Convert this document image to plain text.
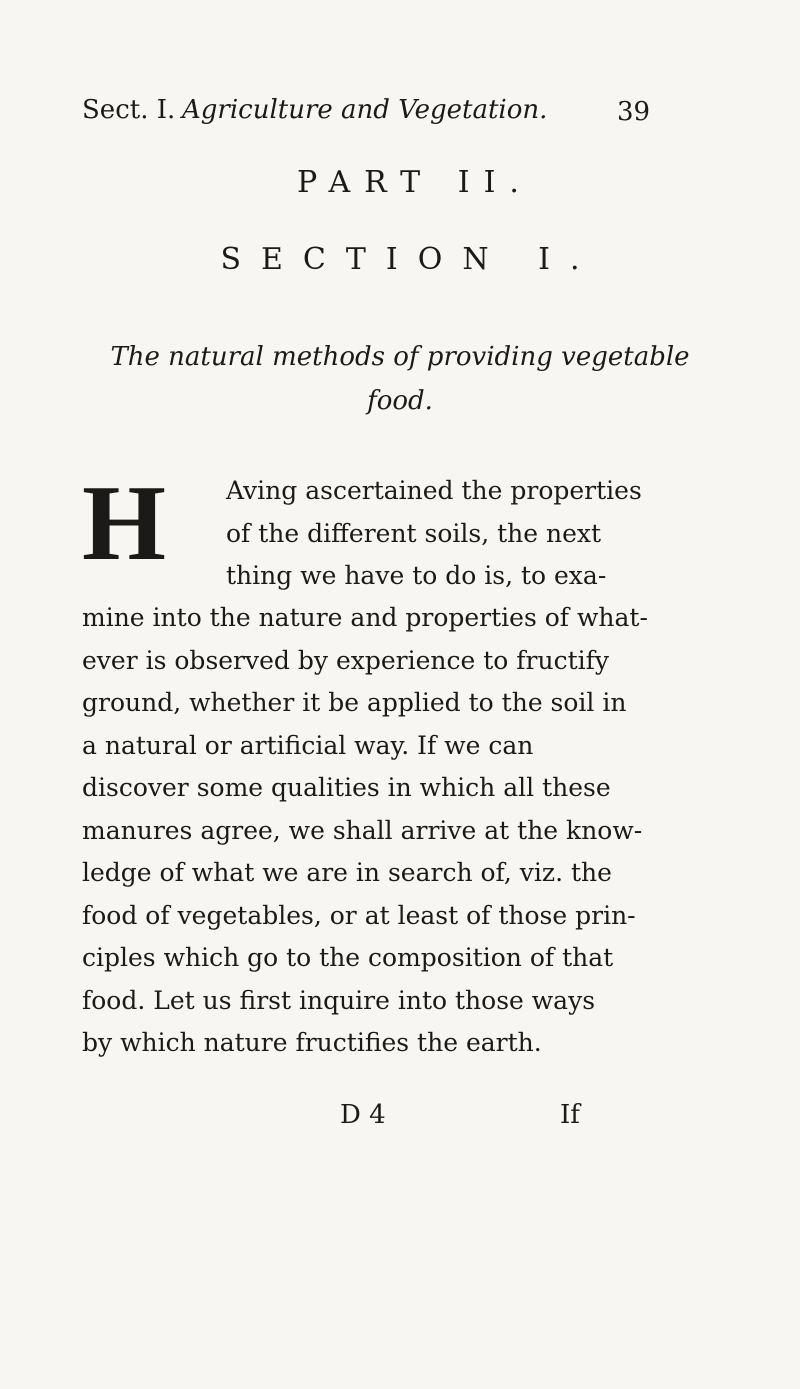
Sect. I. Agriculture and Vegetation.	39
PART II.
SECTION I.
The natural methods of providing vegetable food.
H Aving ascertained the properties
of the different soils, the next
thing we have to do is, to exa-
mine into the nature and properties of what-
ever is observed by experience to fructify
ground, whether it be applied to the soil in
a natural or artificial way. If we can
discover some qualities in which all these
manures agree, we shall arrive at the know-
ledge of what we are in search of, viz. the
food of vegetables, or at least of those prin-
ciples which go to the composition of that
food. Let us first inquire into those ways
by which nature fructifies the earth.
D 4	If
